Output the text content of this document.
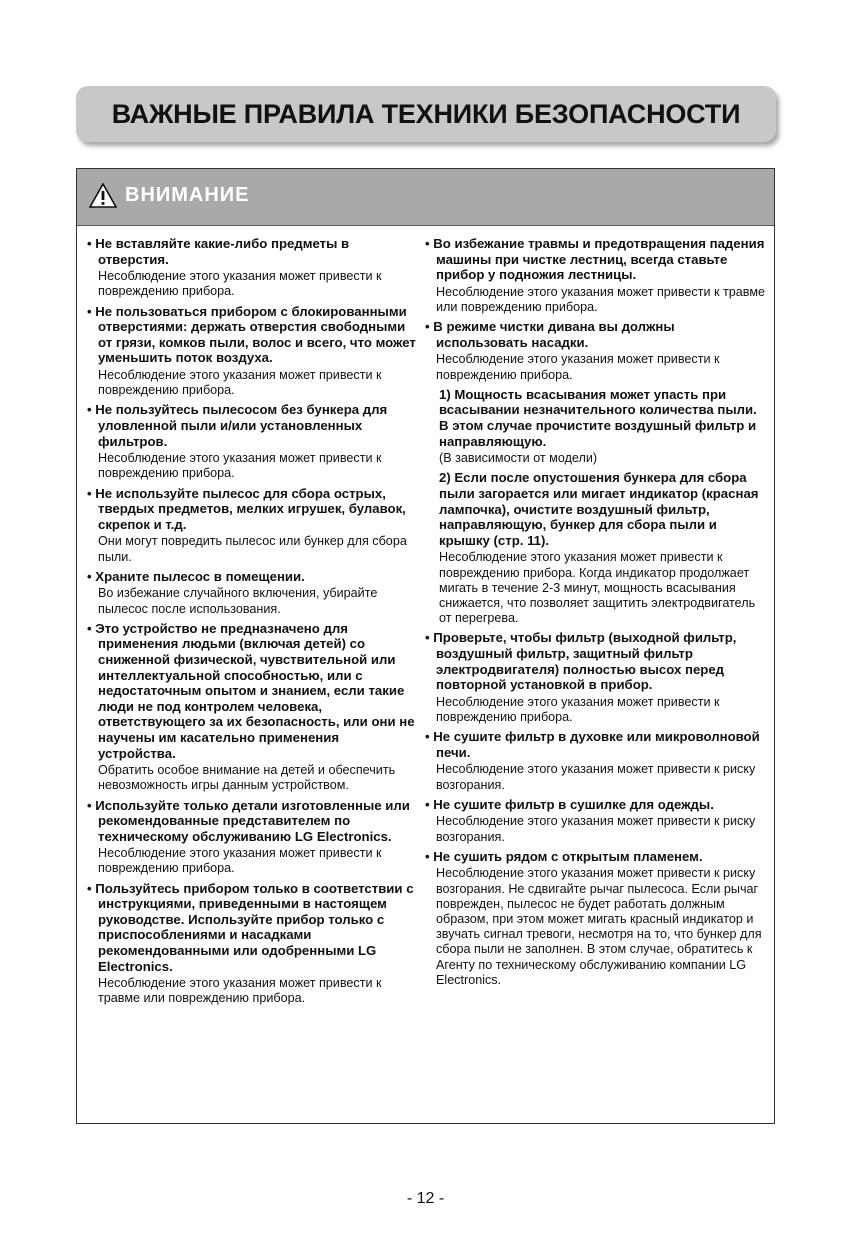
ВАЖНЫЕ ПРАВИЛА ТЕХНИКИ БЕЗОПАСНОСТИ
ВНИМАНИЕ
• Не вставляйте какие-либо предметы в отверстия.
Несоблюдение этого указания может привести к повреждению прибора.
• Не пользоваться прибором с блокированными отверстиями: держать отверстия свободными от грязи, комков пыли, волос и всего, что может уменьшить поток воздуха.
Несоблюдение этого указания может привести к повреждению прибора.
• Не пользуйтесь пылесосом без бункера для уловленной пыли и/или установленных фильтров.
Несоблюдение этого указания может привести к повреждению прибора.
• Не используйте пылесос для сбора острых, твердых предметов, мелких игрушек, булавок, скрепок и т.д.
Они могут повредить пылесос или бункер для сбора пыли.
• Храните пылесос в помещении.
Во избежание случайного включения, убирайте пылесос после использования.
• Это устройство не предназначено для применения людьми (включая детей) со сниженной физической, чувствительной или интеллектуальной способностью, или с недостаточным опытом и знанием, если такие люди не под контролем человека, ответствующего за их безопасность, или они не научены им касательно применения устройства.
Обратить особое внимание на детей и обеспечить невозможность игры данным устройством.
• Используйте только детали изготовленные или рекомендованные представителем по техническому обслуживанию LG Electronics.
Несоблюдение этого указания может привести к повреждению прибора.
• Пользуйтесь прибором только в соответствии с инструкциями, приведенными в настоящем руководстве. Используйте прибор только с приспособлениями и насадками рекомендованными или одобренными LG Electronics.
Несоблюдение этого указания может привести к травме или повреждению прибора.
• Во избежание травмы и предотвращения падения машины при чистке лестниц, всегда ставьте прибор у подножия лестницы.
Несоблюдение этого указания может привести к травме или повреждению прибора.
• В режиме чистки дивана вы должны использовать насадки.
Несоблюдение этого указания может привести к повреждению прибора.
1) Мощность всасывания может упасть при всасывании незначительного количества пыли. В этом случае прочистите воздушный фильтр и направляющую.
(В зависимости от модели)
2) Если после опустошения бункера для сбора пыли загорается или мигает индикатор (красная лампочка), очистите воздушный фильтр, направляющую, бункер для сбора пыли и крышку (стр. 11).
Несоблюдение этого указания может привести к повреждению прибора. Когда индикатор продолжает мигать в течение 2-3 минут, мощность всасывания снижается, что позволяет защитить электродвигатель от перегрева.
• Проверьте, чтобы фильтр (выходной фильтр, воздушный фильтр, защитный фильтр электродвигателя) полностью высох перед повторной установкой в прибор.
Несоблюдение этого указания может привести к повреждению прибора.
• Не сушите фильтр в духовке или микроволновой печи.
Несоблюдение этого указания может привести к риску возгорания.
• Не сушите фильтр в сушилке для одежды.
Несоблюдение этого указания может привести к риску возгорания.
• Не сушить рядом с открытым пламенем.
Несоблюдение этого указания может привести к риску возгорания. Не сдвигайте рычаг пылесоса. Если рычаг поврежден, пылесос не будет работать должным образом, при этом может мигать красный индикатор и звучать сигнал тревоги, несмотря на то, что бункер для сбора пыли не заполнен. В этом случае, обратитесь к Агенту по техническому обслуживанию компании LG Electronics.
- 12 -
